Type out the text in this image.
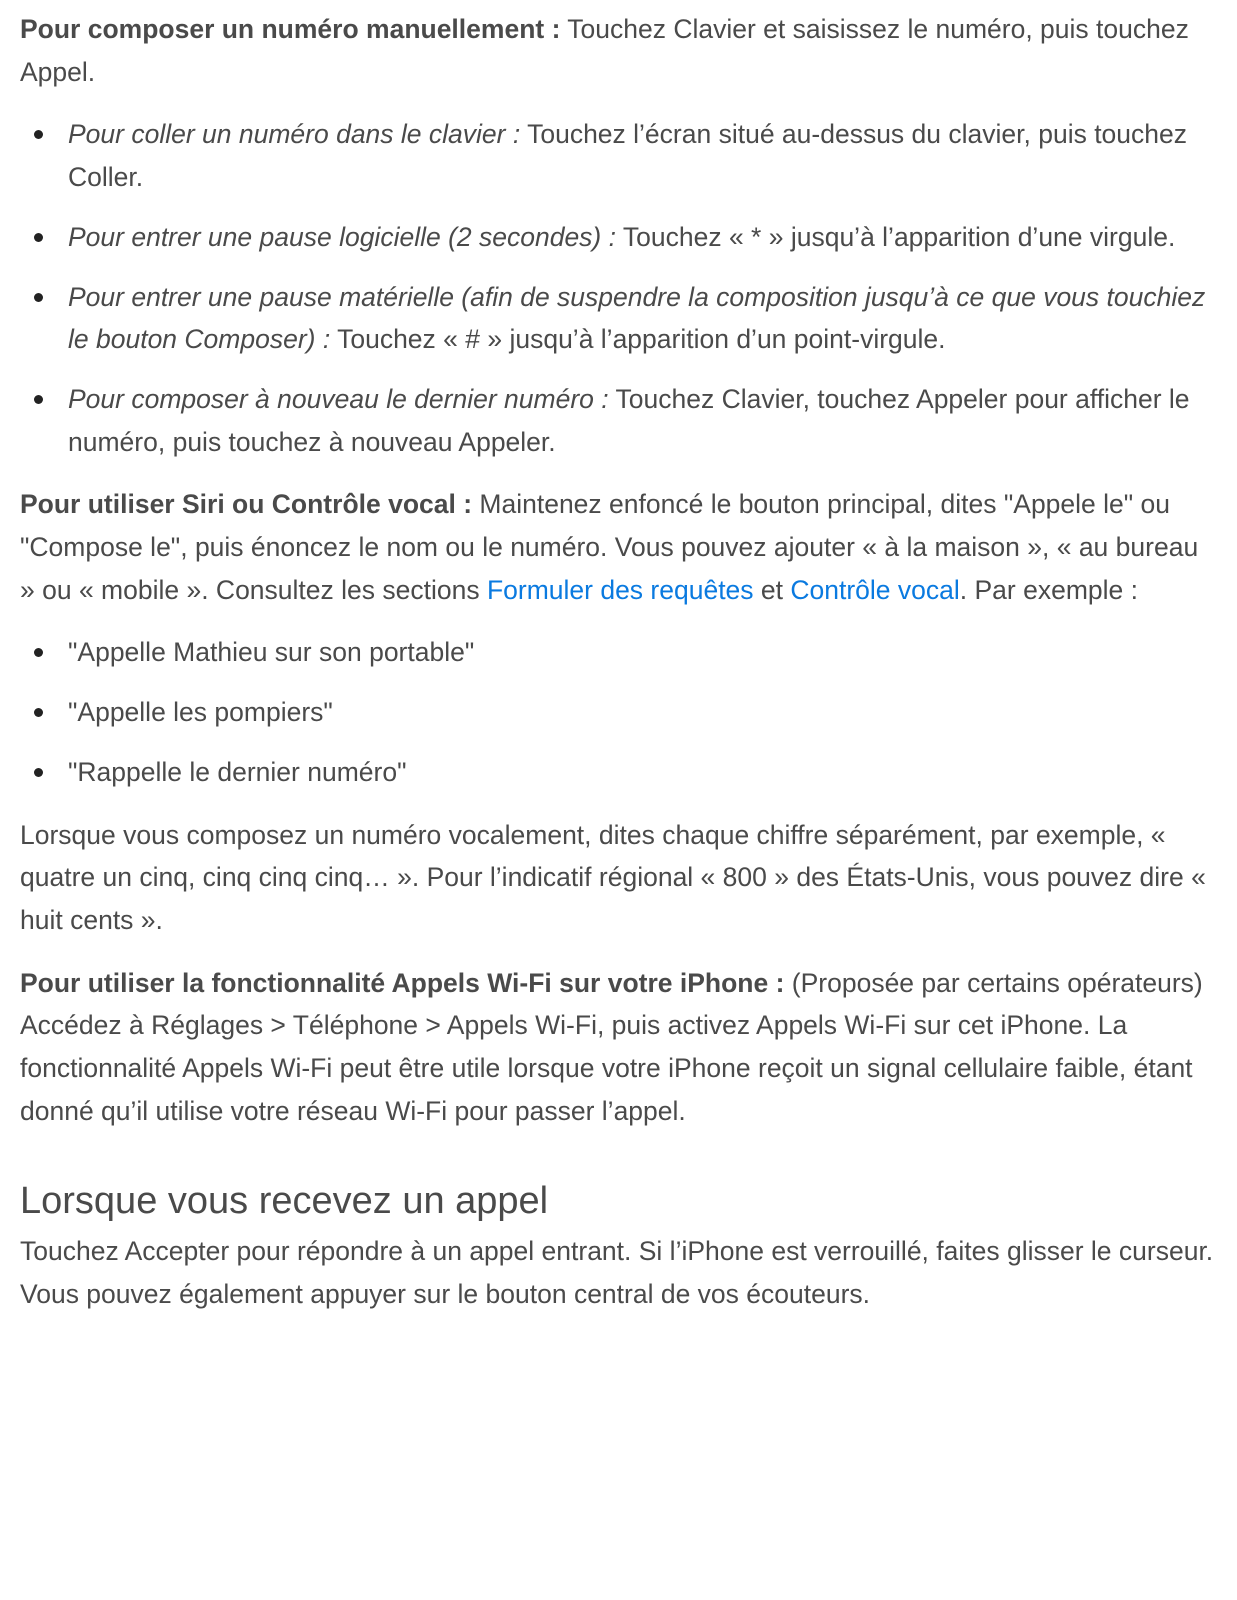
Pour composer un numéro manuellement : Touchez Clavier et saisissez le numéro, puis touchez Appel.

Pour coller un numéro dans le clavier : Touchez l’écran situé au-dessus du clavier, puis touchez Coller.
Pour entrer une pause logicielle (2 secondes) : Touchez « * » jusqu’à l’apparition d’une virgule.
Pour entrer une pause matérielle (afin de suspendre la composition jusqu’à ce que vous touchiez le bouton Composer) : Touchez « # » jusqu’à l’apparition d’un point-virgule.
Pour composer à nouveau le dernier numéro : Touchez Clavier, touchez Appeler pour afficher le numéro, puis touchez à nouveau Appeler.

Pour utiliser Siri ou Contrôle vocal : Maintenez enfoncé le bouton principal, dites "Appele le" ou "Compose le", puis énoncez le nom ou le numéro. Vous pouvez ajouter « à la maison », « au bureau » ou « mobile ». Consultez les sections Formuler des requêtes et Contrôle vocal. Par exemple :

"Appelle Mathieu sur son portable"
"Appelle les pompiers"
"Rappelle le dernier numéro"

Lorsque vous composez un numéro vocalement, dites chaque chiffre séparément, par exemple, « quatre un cinq, cinq cinq cinq… ». Pour l’indicatif régional « 800 » des États-Unis, vous pouvez dire « huit cents ».

Pour utiliser la fonctionnalité Appels Wi-Fi sur votre iPhone : (Proposée par certains opérateurs) Accédez à Réglages > Téléphone > Appels Wi-Fi, puis activez Appels Wi-Fi sur cet iPhone. La fonctionnalité Appels Wi-Fi peut être utile lorsque votre iPhone reçoit un signal cellulaire faible, étant donné qu’il utilise votre réseau Wi-Fi pour passer l’appel.

Lorsque vous recevez un appel

Touchez Accepter pour répondre à un appel entrant. Si l’iPhone est verrouillé, faites glisser le curseur. Vous pouvez également appuyer sur le bouton central de vos écouteurs.
